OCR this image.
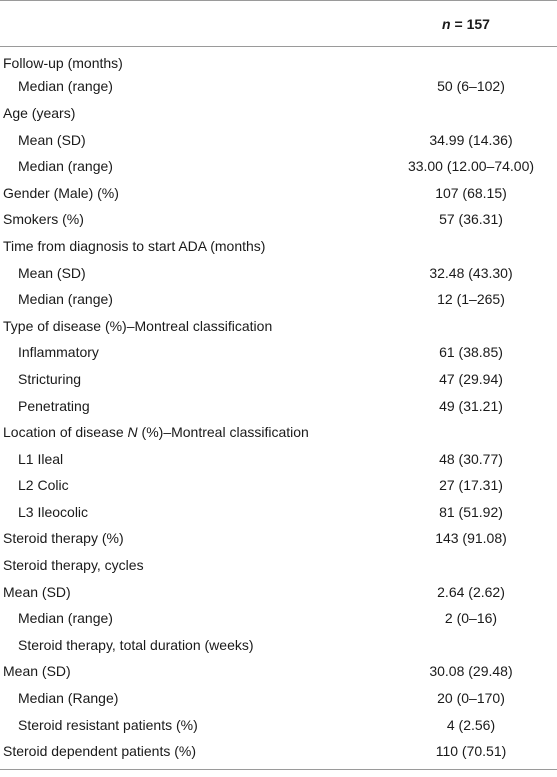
	n = 157
Follow-up (months)	
Median (range)	50 (6–102)
Age (years)	
Mean (SD)	34.99 (14.36)
Median (range)	33.00 (12.00–74.00)
Gender (Male) (%)	107 (68.15)
Smokers (%)	57 (36.31)
Time from diagnosis to start ADA (months)	
Mean (SD)	32.48 (43.30)
Median (range)	12 (1–265)
Type of disease (%)–Montreal classification	
Inflammatory	61 (38.85)
Stricturing	47 (29.94)
Penetrating	49 (31.21)
Location of disease N (%)–Montreal classification	
L1 Ileal	48 (30.77)
L2 Colic	27 (17.31)
L3 Ileocolic	81 (51.92)
Steroid therapy (%)	143 (91.08)
Steroid therapy, cycles	
Mean (SD)	2.64 (2.62)
Median (range)	2 (0–16)
Steroid therapy, total duration (weeks)	
Mean (SD)	30.08 (29.48)
Median (Range)	20 (0–170)
Steroid resistant patients (%)	4 (2.56)
Steroid dependent patients (%)	110 (70.51)
